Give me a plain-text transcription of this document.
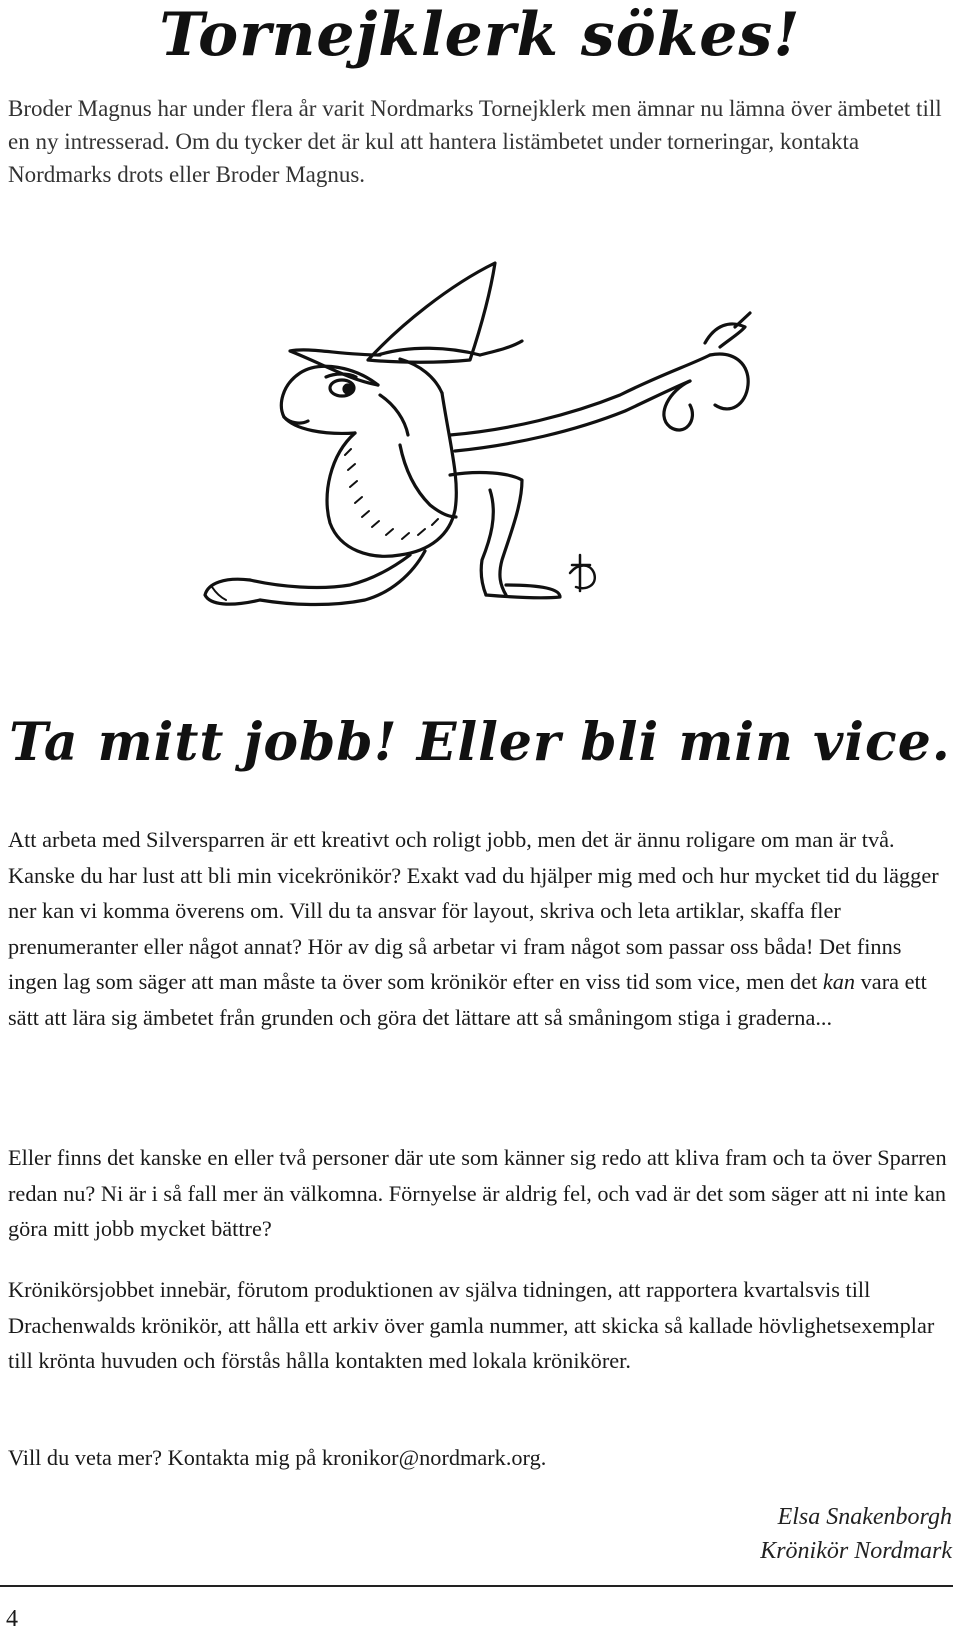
Tornejklerk sökes!

Broder Magnus har under flera år varit Nordmarks Tornejklerk men ämnar nu lämna över ämbetet till en ny intresserad. Om du tycker det är kul att hantera listämbetet under torneringar, kontakta Nordmarks drots eller Broder Magnus.

Ta mitt jobb! Eller bli min vice.

Att arbeta med Silversparren är ett kreativt och roligt jobb, men det är ännu roligare om man är två. Kanske du har lust att bli min vicekrönikör? Exakt vad du hjälper mig med och hur mycket tid du lägger ner kan vi komma överens om. Vill du ta ansvar för layout, skriva och leta artiklar, skaffa fler prenumeranter eller något annat? Hör av dig så arbetar vi fram något som passar oss båda! Det finns ingen lag som säger att man måste ta över som krönikör efter en viss tid som vice, men det kan vara ett sätt att lära sig ämbetet från grunden och göra det lättare att så småningom stiga i graderna...

Eller finns det kanske en eller två personer där ute som känner sig redo att kliva fram och ta över Sparren redan nu? Ni är i så fall mer än välkomna. Förnyelse är aldrig fel, och vad är det som säger att ni inte kan göra mitt jobb mycket bättre?

Krönikörsjobbet innebär, förutom produktionen av själva tidningen, att rapportera kvartalsvis till Drachenwalds krönikör, att hålla ett arkiv över gamla nummer, att skicka så kallade hövlighetsexemplar till krönta huvuden och förstås hålla kontakten med lokala krönikörer.

Vill du veta mer? Kontakta mig på kronikor@nordmark.org.

Elsa Snakenborgh

Krönikör Nordmark

4
